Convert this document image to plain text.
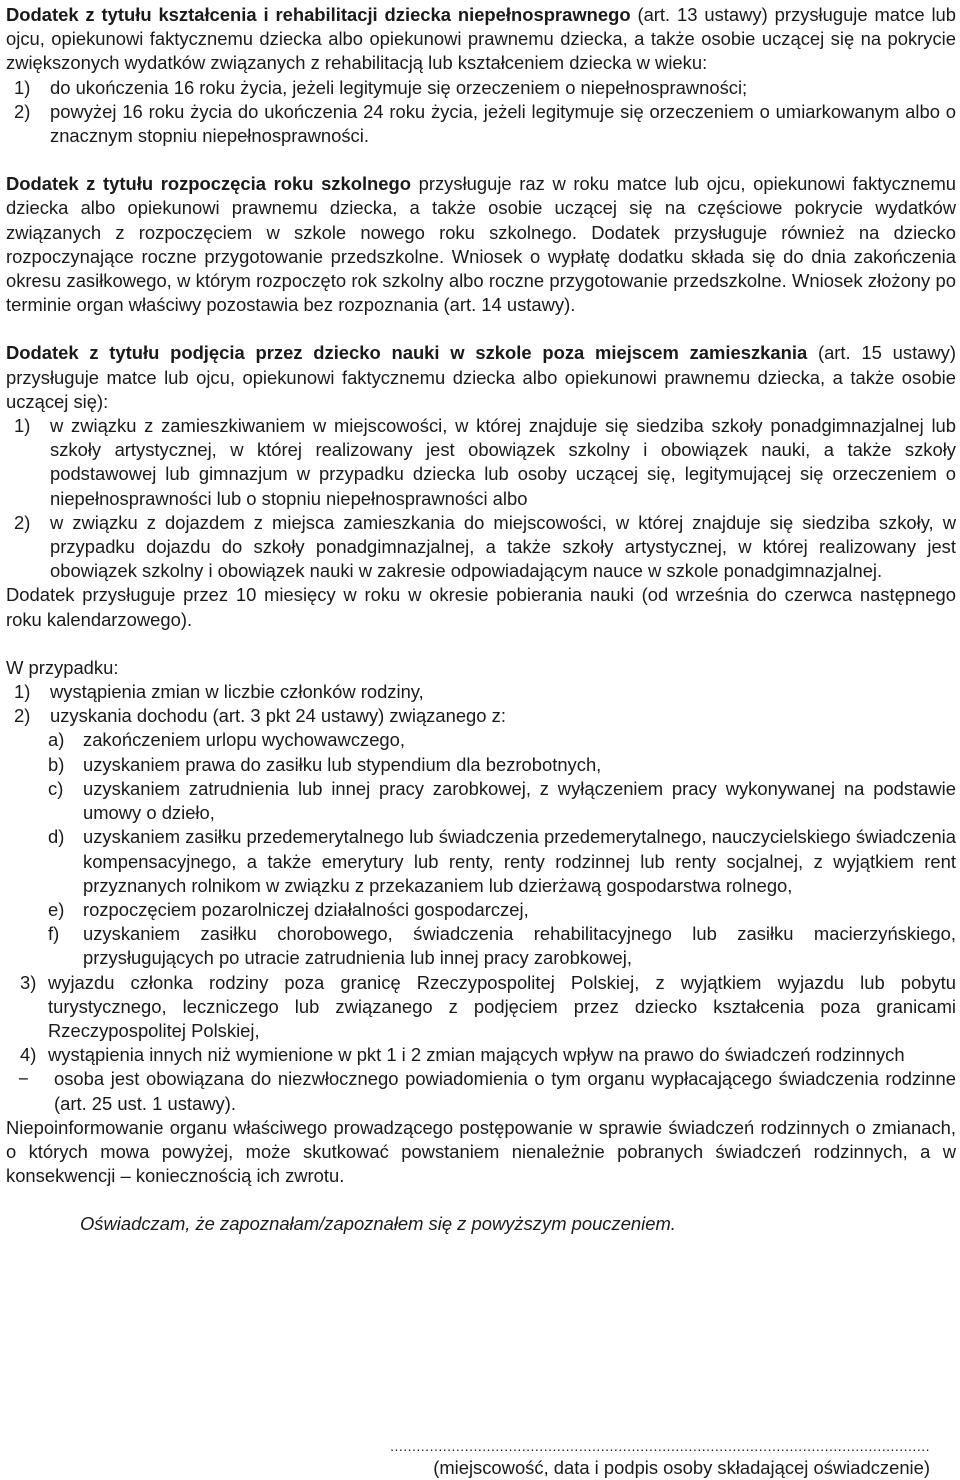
Dodatek z tytułu kształcenia i rehabilitacji dziecka niepełnosprawnego (art. 13 ustawy) przysługuje matce lub ojcu, opiekunowi faktycznemu dziecka albo opiekunowi prawnemu dziecka, a także osobie uczącej się na pokrycie zwiększonych wydatków związanych z rehabilitacją lub kształceniem dziecka w wieku:

1)	do ukończenia 16 roku życia, jeżeli legitymuje się orzeczeniem o niepełnosprawności;
2)	powyżej 16 roku życia do ukończenia 24 roku życia, jeżeli legitymuje się orzeczeniem o umiarkowanym albo o znacznym stopniu niepełnosprawności.

Dodatek z tytułu rozpoczęcia roku szkolnego przysługuje raz w roku matce lub ojcu, opiekunowi faktycznemu dziecka albo opiekunowi prawnemu dziecka, a także osobie uczącej się na częściowe pokrycie wydatków związanych z rozpoczęciem w szkole nowego roku szkolnego. Dodatek przysługuje również na dziecko rozpoczynające roczne przygotowanie przedszkolne. Wniosek o wypłatę dodatku składa się do dnia zakończenia okresu zasiłkowego, w którym rozpoczęto rok szkolny albo roczne przygotowanie przedszkolne. Wniosek złożony po terminie organ właściwy pozostawia bez rozpoznania (art. 14 ustawy).

Dodatek z tytułu podjęcia przez dziecko nauki w szkole poza miejscem zamieszkania (art. 15 ustawy) przysługuje matce lub ojcu, opiekunowi faktycznemu dziecka albo opiekunowi prawnemu dziecka, a także osobie uczącej się):

1)	w związku z zamieszkiwaniem w miejscowości, w której znajduje się siedziba szkoły ponadgimnazjalnej lub szkoły artystycznej, w której realizowany jest obowiązek szkolny i obowiązek nauki, a także szkoły podstawowej lub gimnazjum w przypadku dziecka lub osoby uczącej się, legitymującej się orzeczeniem o niepełnosprawności lub o stopniu niepełnosprawności albo
2)	w związku z dojazdem z miejsca zamieszkania do miejscowości, w której znajduje się siedziba szkoły, w przypadku dojazdu do szkoły ponadgimnazjalnej, a także szkoły artystycznej, w której realizowany jest obowiązek szkolny i obowiązek nauki w zakresie odpowiadającym nauce w szkole ponadgimnazjalnej.

Dodatek przysługuje przez 10 miesięcy w roku w okresie pobierania nauki (od września do czerwca następnego roku kalendarzowego).

W przypadku:

1)	wystąpienia zmian w liczbie członków rodziny,
2)	uzyskania dochodu (art. 3 pkt 24 ustawy) związanego z:
a)	zakończeniem urlopu wychowawczego,
b)	uzyskaniem prawa do zasiłku lub stypendium dla bezrobotnych,
c)	uzyskaniem zatrudnienia lub innej pracy zarobkowej, z wyłączeniem pracy wykonywanej na podstawie umowy o dzieło,
d)	uzyskaniem zasiłku przedemerytalnego lub świadczenia przedemerytalnego, nauczycielskiego świadczenia kompensacyjnego, a także emerytury lub renty, renty rodzinnej lub renty socjalnej, z wyjątkiem rent przyznanych rolnikom w związku z przekazaniem lub dzierżawą gospodarstwa rolnego,
e)	rozpoczęciem pozarolniczej działalności gospodarczej,
f)	uzyskaniem zasiłku chorobowego, świadczenia rehabilitacyjnego lub zasiłku macierzyńskiego, przysługujących po utracie zatrudnienia lub innej pracy zarobkowej,
3) wyjazdu członka rodziny poza granicę Rzeczypospolitej Polskiej, z wyjątkiem wyjazdu lub pobytu turystycznego, leczniczego lub związanego z podjęciem przez dziecko kształcenia poza granicami Rzeczypospolitej Polskiej,
4) wystąpienia innych niż wymienione w pkt 1 i 2 zmian mających wpływ na prawo do świadczeń rodzinnych
−	osoba jest obowiązana do niezwłocznego powiadomienia o tym organu wypłacającego świadczenia rodzinne (art. 25 ust. 1 ustawy).

Niepoinformowanie organu właściwego prowadzącego postępowanie w sprawie świadczeń rodzinnych o zmianach, o których mowa powyżej, może skutkować powstaniem nienależnie pobranych świadczeń rodzinnych, a w konsekwencji – koniecznością ich zwrotu.

Oświadczam, że zapoznałam/zapoznałem się z powyższym pouczeniem.

...........................................................................................................................
(miejscowość, data i podpis osoby składającej oświadczenie)
